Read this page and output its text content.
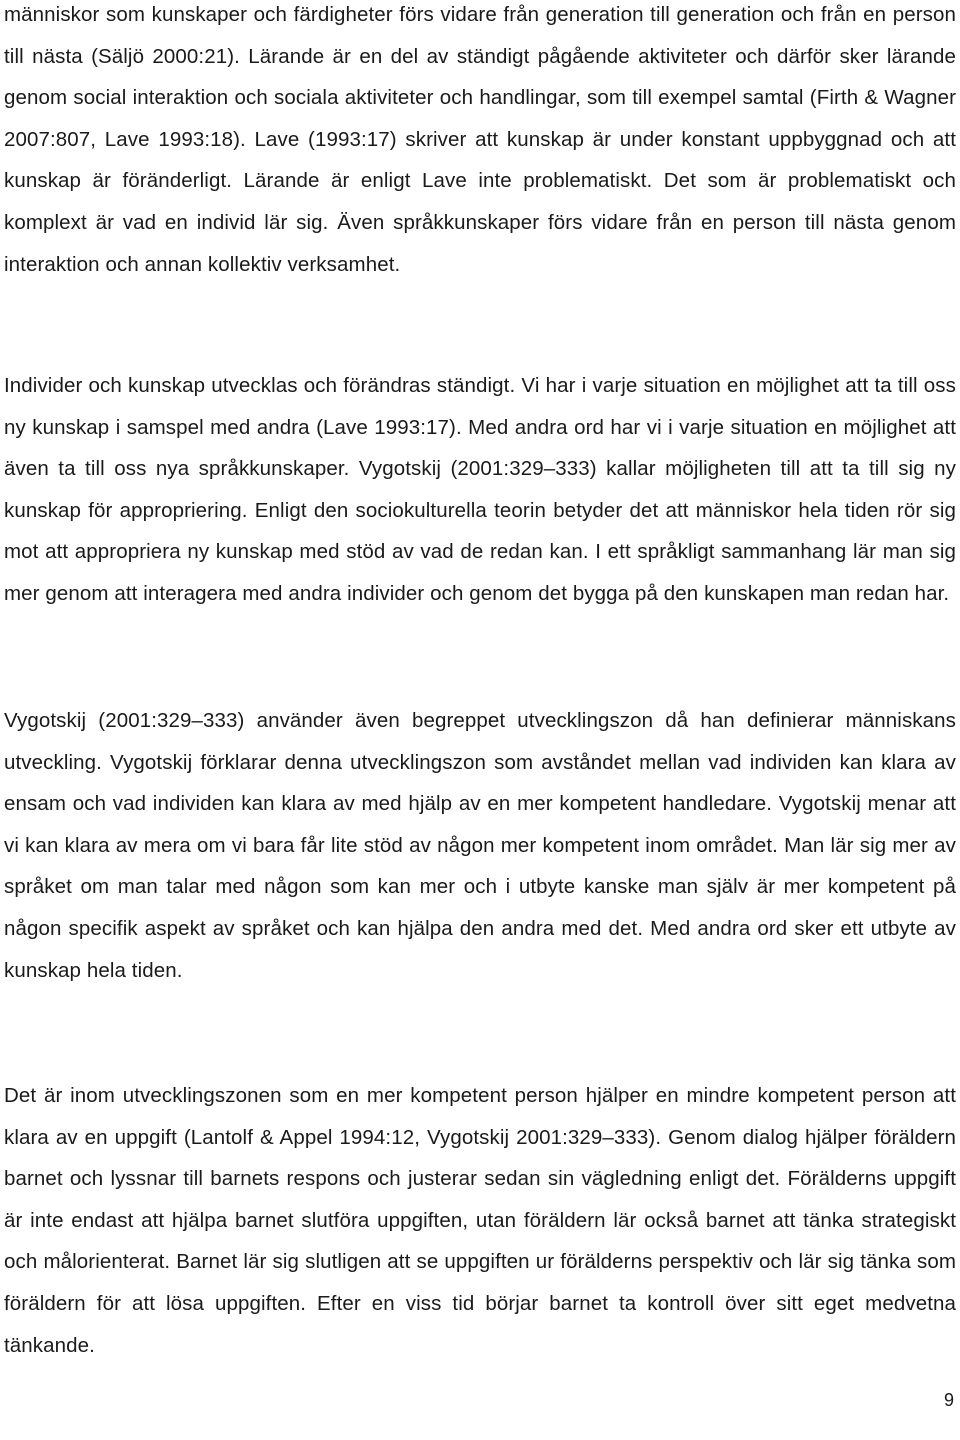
människor som kunskaper och färdigheter förs vidare från generation till generation och från en person till nästa (Säljö 2000:21). Lärande är en del av ständigt pågående aktiviteter och därför sker lärande genom social interaktion och sociala aktiviteter och handlingar, som till exempel samtal (Firth & Wagner 2007:807, Lave 1993:18). Lave (1993:17) skriver att kunskap är under konstant uppbyggnad och att kunskap är föränderligt. Lärande är enligt Lave inte problematiskt. Det som är problematiskt och komplext är vad en individ lär sig. Även språkkunskaper förs vidare från en person till nästa genom interaktion och annan kollektiv verksamhet.

Individer och kunskap utvecklas och förändras ständigt. Vi har i varje situation en möjlighet att ta till oss ny kunskap i samspel med andra (Lave 1993:17). Med andra ord har vi i varje situation en möjlighet att även ta till oss nya språkkunskaper. Vygotskij (2001:329–333) kallar möjligheten till att ta till sig ny kunskap för appropriering. Enligt den sociokulturella teorin betyder det att människor hela tiden rör sig mot att appropriera ny kunskap med stöd av vad de redan kan. I ett språkligt sammanhang lär man sig mer genom att interagera med andra individer och genom det bygga på den kunskapen man redan har.

Vygotskij (2001:329–333) använder även begreppet utvecklingszon då han definierar människans utveckling. Vygotskij förklarar denna utvecklingszon som avståndet mellan vad individen kan klara av ensam och vad individen kan klara av med hjälp av en mer kompetent handledare. Vygotskij menar att vi kan klara av mera om vi bara får lite stöd av någon mer kompetent inom området. Man lär sig mer av språket om man talar med någon som kan mer och i utbyte kanske man själv är mer kompetent på någon specifik aspekt av språket och kan hjälpa den andra med det. Med andra ord sker ett utbyte av kunskap hela tiden.

Det är inom utvecklingszonen som en mer kompetent person hjälper en mindre kompetent person att klara av en uppgift (Lantolf & Appel 1994:12, Vygotskij 2001:329–333). Genom dialog hjälper föräldern barnet och lyssnar till barnets respons och justerar sedan sin vägledning enligt det. Förälderns uppgift är inte endast att hjälpa barnet slutföra uppgiften, utan föräldern lär också barnet att tänka strategiskt och målorienterat. Barnet lär sig slutligen att se uppgiften ur förälderns perspektiv och lär sig tänka som föräldern för att lösa uppgiften. Efter en viss tid börjar barnet ta kontroll över sitt eget medvetna tänkande.

9
